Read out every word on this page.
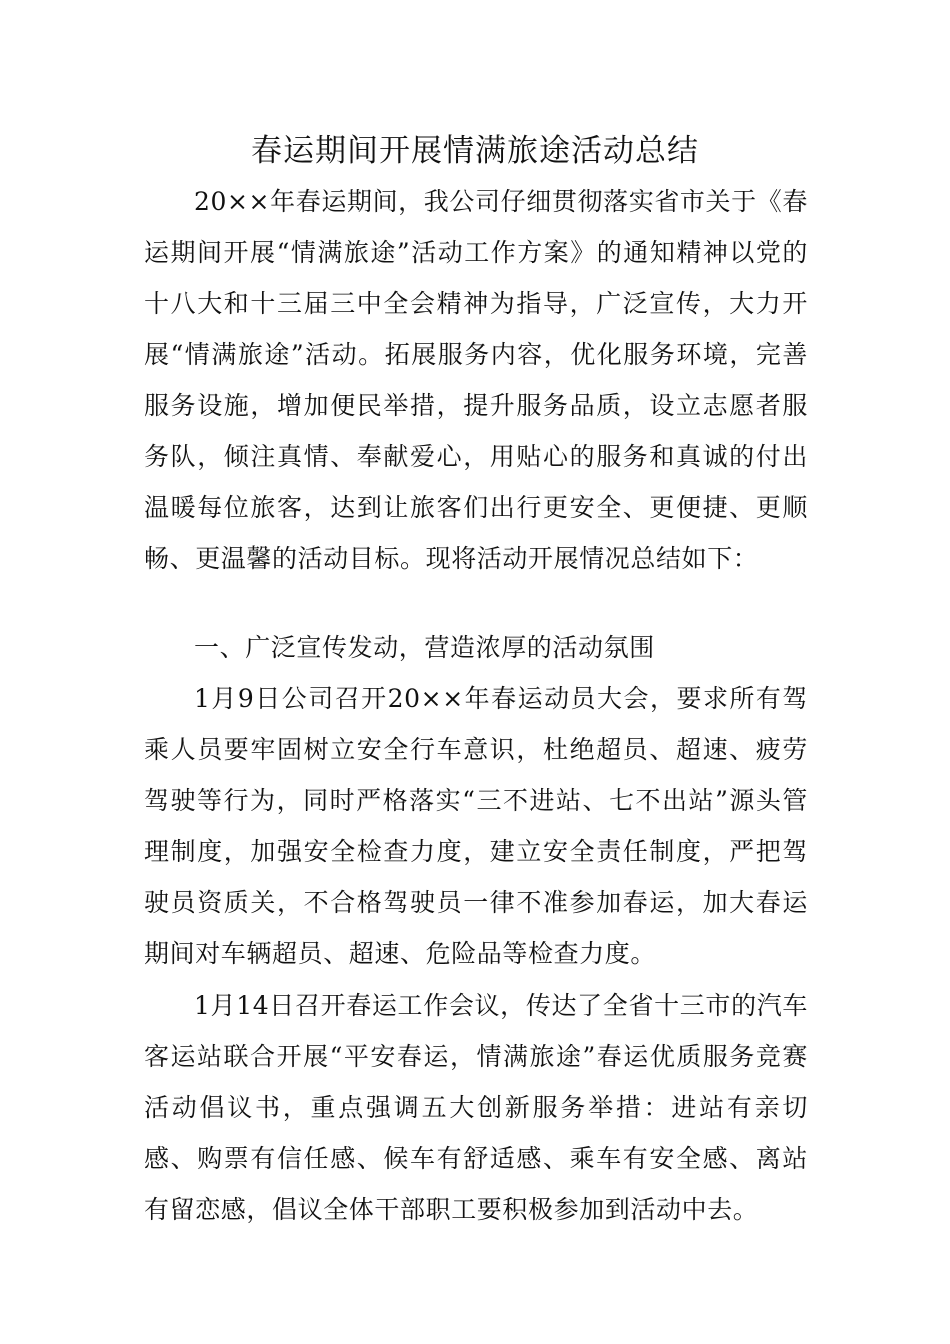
春运期间开展情满旅途活动总结

20××年春运期间，我公司仔细贯彻落实省市关于《春运期间开展“情满旅途”活动工作方案》的通知精神以党的十八大和十三届三中全会精神为指导，广泛宣传，大力开展“情满旅途”活动。拓展服务内容，优化服务环境，完善服务设施，增加便民举措，提升服务品质，设立志愿者服务队，倾注真情、奉献爱心，用贴心的服务和真诚的付出温暖每位旅客，达到让旅客们出行更安全、更便捷、更顺畅、更温馨的活动目标。现将活动开展情况总结如下：

一、广泛宣传发动，营造浓厚的活动氛围

1月9日公司召开20××年春运动员大会，要求所有驾乘人员要牢固树立安全行车意识，杜绝超员、超速、疲劳驾驶等行为，同时严格落实“三不进站、七不出站”源头管理制度，加强安全检查力度，建立安全责任制度，严把驾驶员资质关，不合格驾驶员一律不准参加春运，加大春运期间对车辆超员、超速、危险品等检查力度。

1月14日召开春运工作会议，传达了全省十三市的汽车客运站联合开展“平安春运，情满旅途”春运优质服务竞赛活动倡议书，重点强调五大创新服务举措：进站有亲切感、购票有信任感、候车有舒适感、乘车有安全感、离站有留恋感，倡议全体干部职工要积极参加到活动中去。
